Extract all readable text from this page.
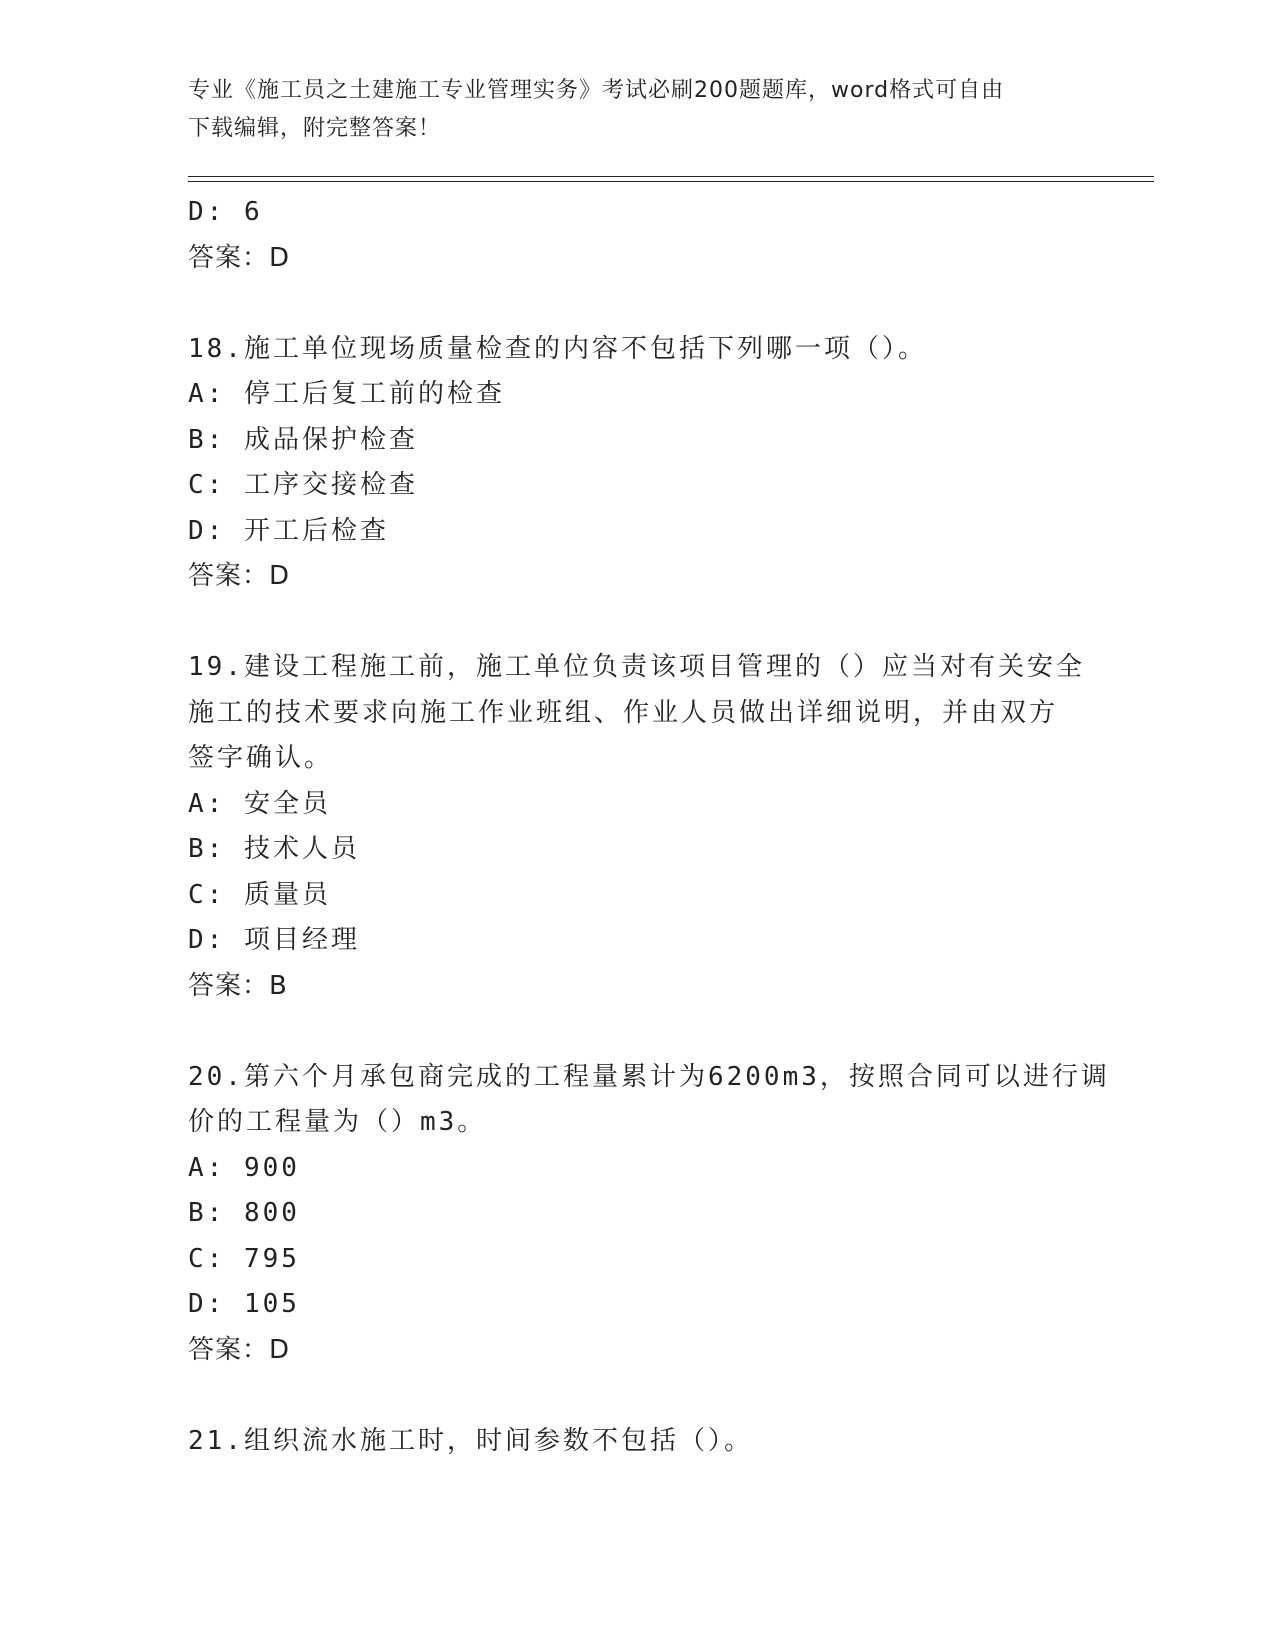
专业《施工员之土建施工专业管理实务》考试必刷200题题库，word格式可自由
下载编辑，附完整答案！
D: 6
答案：D
18.施工单位现场质量检查的内容不包括下列哪一项（）。
A: 停工后复工前的检查
B: 成品保护检查
C: 工序交接检查
D: 开工后检查
答案：D
19.建设工程施工前，施工单位负责该项目管理的（）应当对有关安全
施工的技术要求向施工作业班组、作业人员做出详细说明，并由双方
签字确认。
A: 安全员
B: 技术人员
C: 质量员
D: 项目经理
答案：B
20.第六个月承包商完成的工程量累计为6200m3，按照合同可以进行调
价的工程量为（）m3。
A: 900
B: 800
C: 795
D: 105
答案：D
21.组织流水施工时，时间参数不包括（）。
